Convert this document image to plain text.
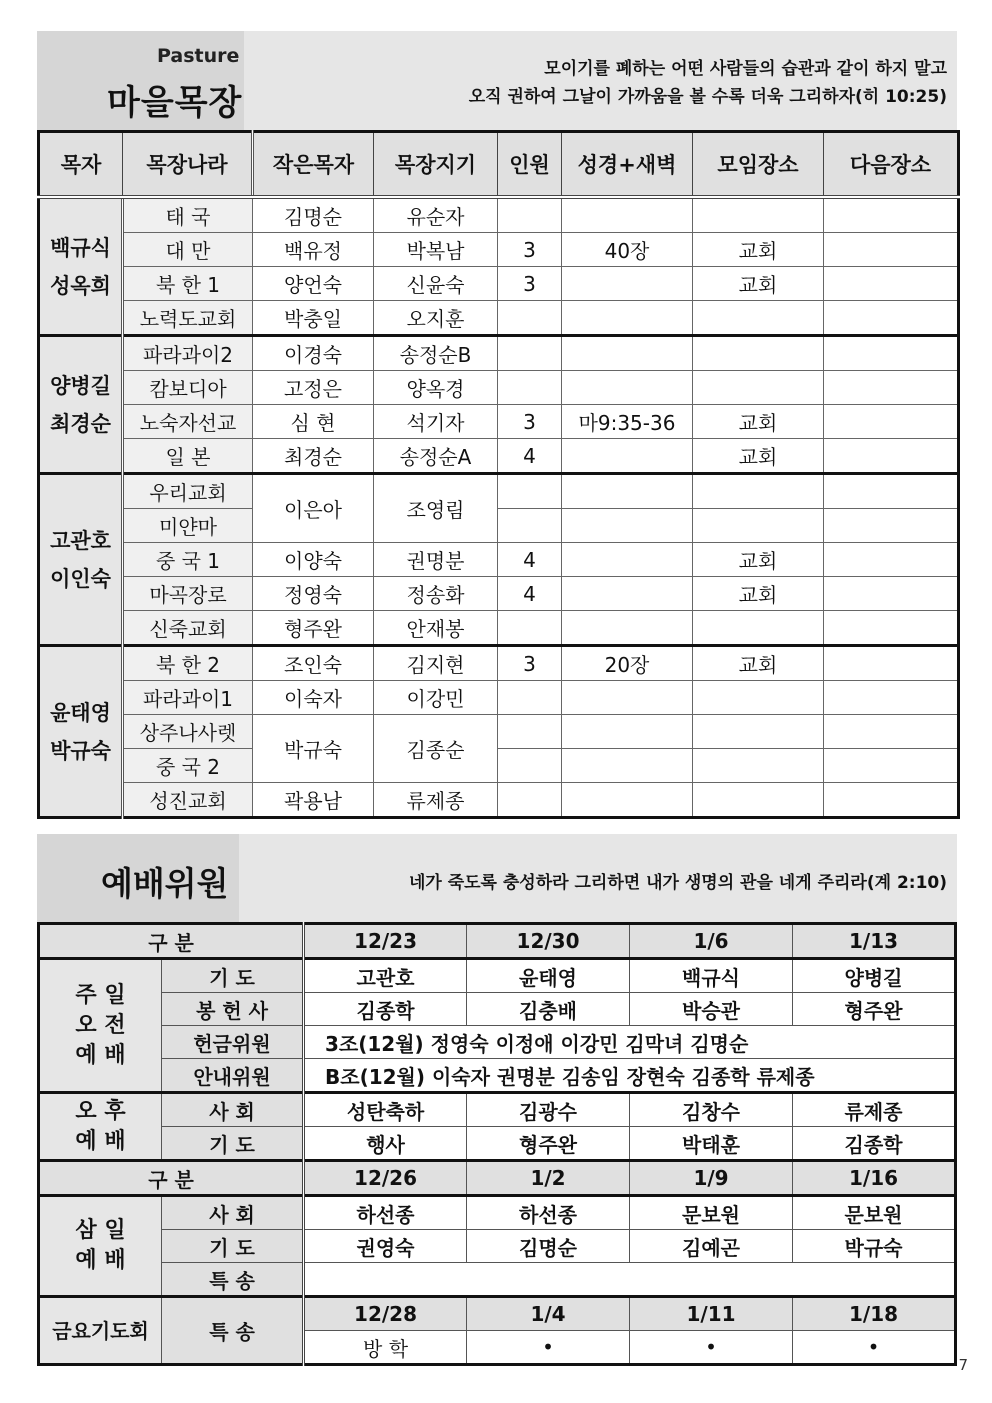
Pasture
마을목장
모이기를 폐하는 어떤 사람들의 습관과 같이 하지 말고
오직 권하여 그날이 가까움을 볼 수록 더욱 그리하자(히 10:25)
목자	목장나라	작은목자	목장지기	인원	성경+새벽	모임장소	다음장소
백규식
성옥희	태 국	김명순	유순자				
	대 만	백유정	박복남	3	40장	교회	
	북 한 1	양언숙	신윤숙	3		교회	
	노력도교회	박충일	오지훈				
양병길
최경순	파라과이2	이경숙	송정순B				
	캄보디아	고정은	양옥경				
	노숙자선교	심 현	석기자	3	마9:35-36	교회	
	일 본	최경순	송정순A	4		교회	
고관호
이인숙	우리교회	이은아	조영림				
	미얀마						
	중 국 1	이양숙	권명분	4		교회	
	마곡장로	정영숙	정송화	4		교회	
	신죽교회	형주완	안재봉				
윤태영
박규숙	북 한 2	조인숙	김지현	3	20장	교회	
	파라과이1	이숙자	이강민				
	상주나사렛	박규숙	김종순				
	중 국 2						
	성진교회	곽용남	류제종				
예배위원	네가 죽도록 충성하라 그리하면 내가 생명의 관을 네게 주리라(계 2:10)
구 분		12/23	12/30	1/6	1/13
주 일
오 전
예 배	기 도	고관호	윤태영	백규식	양병길
	봉 헌 사	김종학	김충배	박승관	형주완
	헌금위원	3조(12월) 정영숙 이정애 이강민 김막녀 김명순			
	안내위원	B조(12월) 이숙자 권명분 김송임 장현숙 김종학 류제종			
오 후
예 배	사 회	성탄축하	김광수	김창수	류제종
	기 도	행사	형주완	박태훈	김종학
구 분		12/26	1/2	1/9	1/16
삼 일
예 배	사 회	하선종	하선종	문보원	문보원
	기 도	권영숙	김명순	김예곤	박규숙
	특 송				
금요기도회	특 송	12/28	1/4	1/11	1/18
		방 학	•	•	•
7
